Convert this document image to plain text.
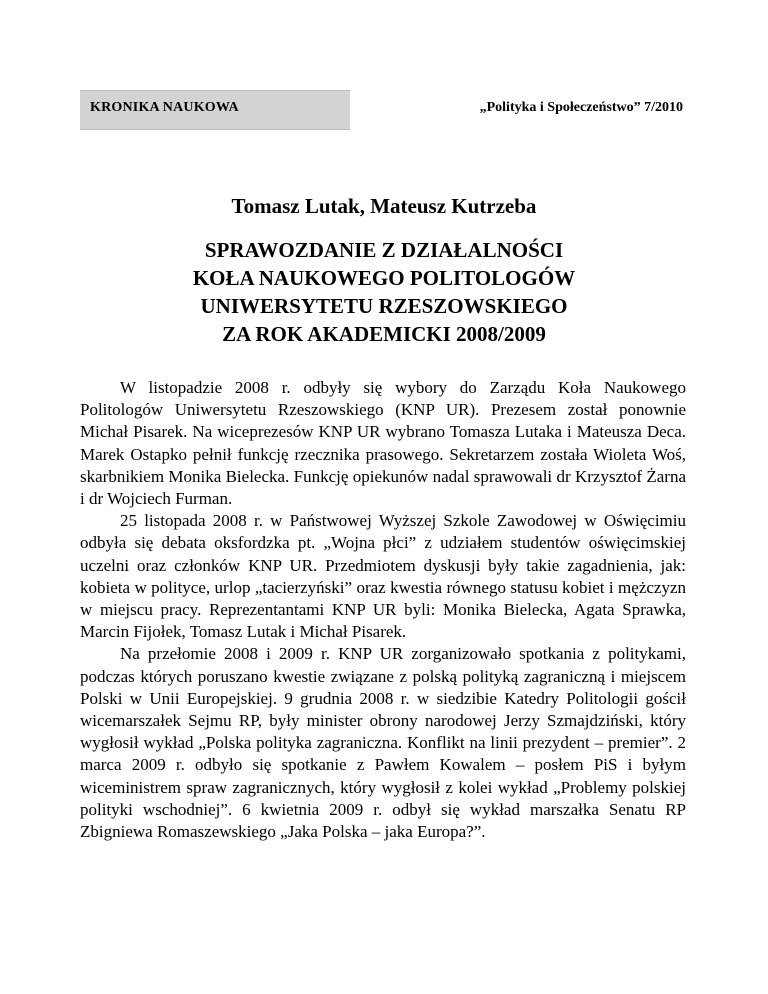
KRONIKA NAUKOWA	„Polityka i Społeczeństwo” 7/2010
Tomasz Lutak, Mateusz Kutrzeba
SPRAWOZDANIE Z DZIAŁALNOŚCI
KOŁA NAUKOWEGO POLITOLOGÓW
UNIWERSYTETU RZESZOWSKIEGO
ZA ROK AKADEMICKI 2008/2009

W listopadzie 2008 r. odbyły się wybory do Zarządu Koła Naukowego Politologów Uniwersytetu Rzeszowskiego (KNP UR). Prezesem został ponownie Michał Pisarek. Na wiceprezesów KNP UR wybrano Tomasza Lutaka i Mateusza Deca. Marek Ostapko pełnił funkcję rzecznika prasowego. Sekretarzem została Wioleta Woś, skarbnikiem Monika Bielecka. Funkcję opiekunów nadal sprawowali dr Krzysztof Żarna i dr Wojciech Furman.

25 listopada 2008 r. w Państwowej Wyższej Szkole Zawodowej w Oświęcimiu odbyła się debata oksfordzka pt. „Wojna płci” z udziałem studentów oświęcimskiej uczelni oraz członków KNP UR. Przedmiotem dyskusji były takie zagadnienia, jak: kobieta w polityce, urlop „tacierzyński” oraz kwestia równego statusu kobiet i mężczyzn w miejscu pracy. Reprezentantami KNP UR byli: Monika Bielecka, Agata Sprawka, Marcin Fijołek, Tomasz Lutak i Michał Pisarek.

Na przełomie 2008 i 2009 r. KNP UR zorganizowało spotkania z politykami, podczas których poruszano kwestie związane z polską polityką zagraniczną i miejscem Polski w Unii Europejskiej. 9 grudnia 2008 r. w siedzibie Katedry Politologii gościł wicemarszałek Sejmu RP, były minister obrony narodowej Jerzy Szmajdziński, który wygłosił wykład „Polska polityka zagraniczna. Konflikt na linii prezydent – premier”. 2 marca 2009 r. odbyło się spotkanie z Pawłem Kowalem – posłem PiS i byłym wiceministrem spraw zagranicznych, który wygłosił z kolei wykład „Problemy polskiej polityki wschodniej”. 6 kwietnia 2009 r. odbył się wykład marszałka Senatu RP Zbigniewa Romaszewskiego „Jaka Polska – jaka Europa?”.
